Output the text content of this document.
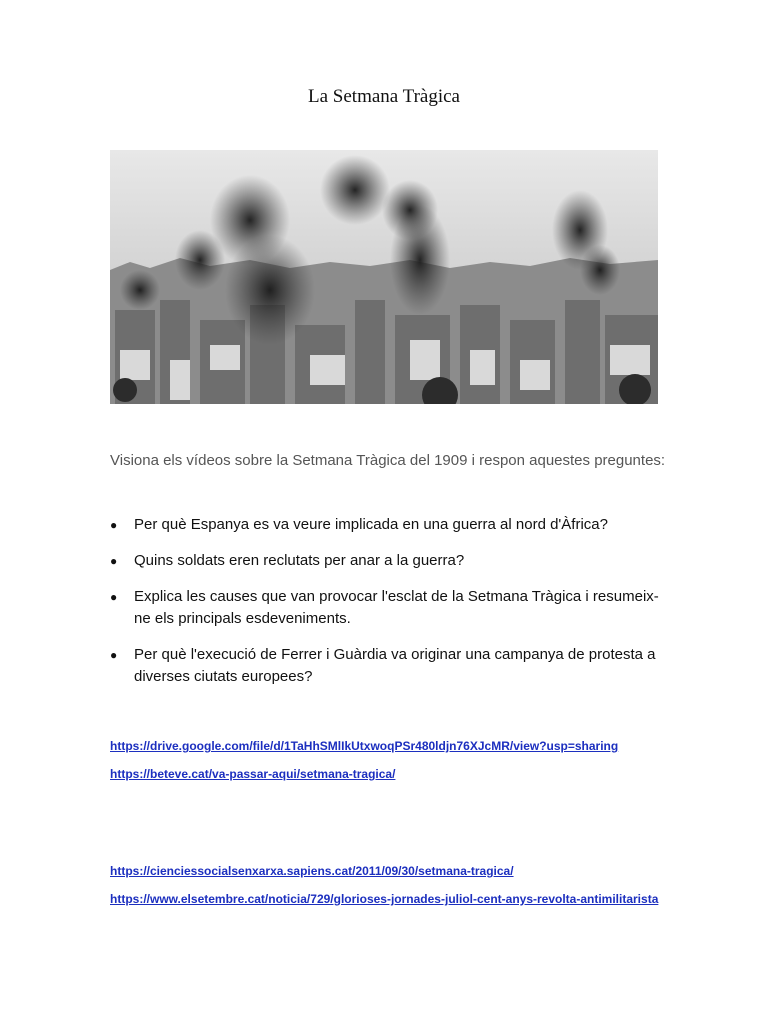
La Setmana Tràgica
Visiona els vídeos sobre la Setmana Tràgica del 1909 i respon aquestes preguntes:
● Per què Espanya es va veure implicada en una guerra al nord d'Àfrica?
● Quins soldats eren reclutats per anar a la guerra?
● Explica les causes que van provocar l'esclat de la Setmana Tràgica i resumeix-ne els principals esdeveniments.
● Per què l'execució de Ferrer i Guàrdia va originar una campanya de protesta a diverses ciutats europees?
https://drive.google.com/file/d/1TaHhSMlIkUtxwoqPSr480ldjn76XJcMR/view?usp=sharing
https://beteve.cat/va-passar-aqui/setmana-tragica/
https://cienciessocialsenxarxa.sapiens.cat/2011/09/30/setmana-tragica/
https://www.elsetembre.cat/noticia/729/glorioses-jornades-juliol-cent-anys-revolta-antimilitarista
